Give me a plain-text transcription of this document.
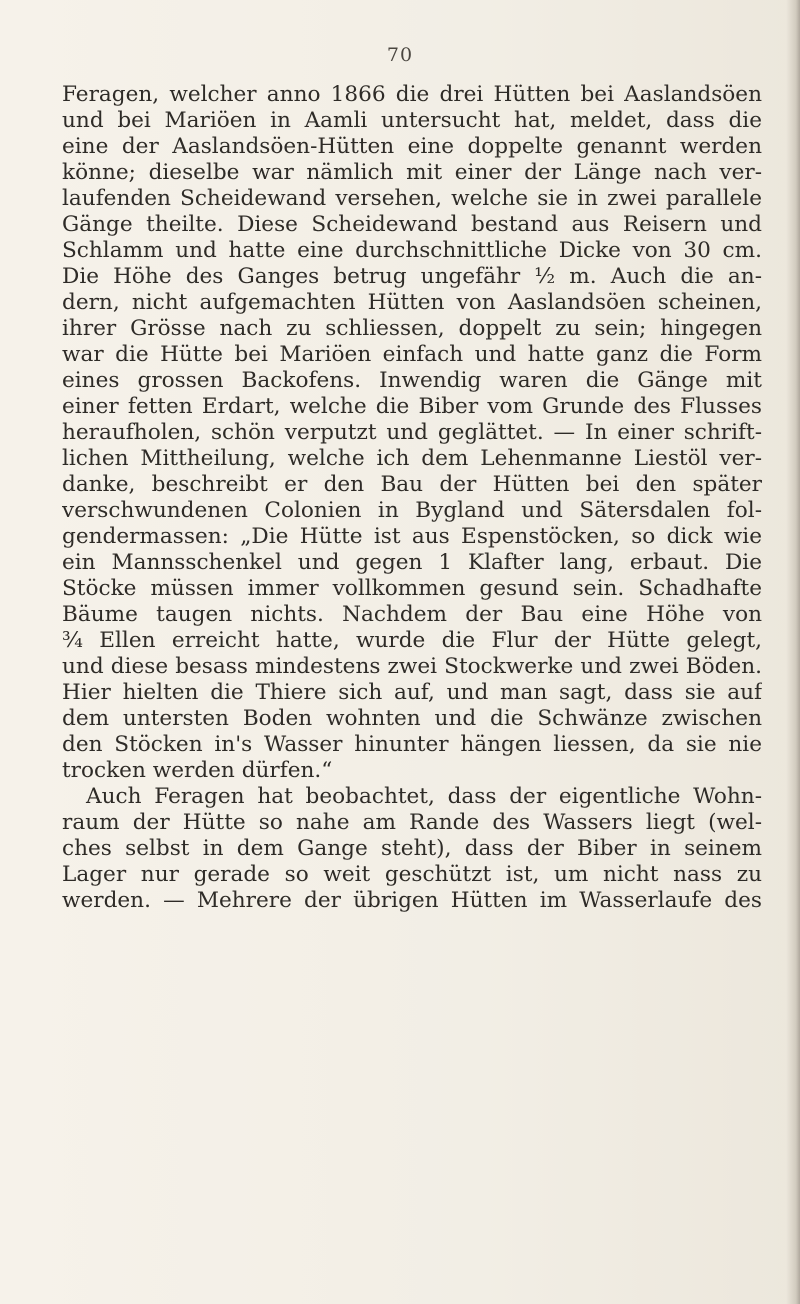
70
Feragen, welcher anno 1866 die drei Hütten bei Aaslandsöen
und bei Mariöen in Aamli untersucht hat, meldet, dass die
eine der Aaslandsöen-Hütten eine doppelte genannt werden
könne; dieselbe war nämlich mit einer der Länge nach ver-
laufenden Scheidewand versehen, welche sie in zwei parallele
Gänge theilte. Diese Scheidewand bestand aus Reisern und
Schlamm und hatte eine durchschnittliche Dicke von 30 cm.
Die Höhe des Ganges betrug ungefähr ½ m. Auch die an-
dern, nicht aufgemachten Hütten von Aaslandsöen scheinen,
ihrer Grösse nach zu schliessen, doppelt zu sein; hingegen
war die Hütte bei Mariöen einfach und hatte ganz die Form
eines grossen Backofens. Inwendig waren die Gänge mit
einer fetten Erdart, welche die Biber vom Grunde des Flusses
heraufholen, schön verputzt und geglättet. — In einer schrift-
lichen Mittheilung, welche ich dem Lehenmanne Liestöl ver-
danke, beschreibt er den Bau der Hütten bei den später
verschwundenen Colonien in Bygland und Sätersdalen fol-
gendermassen: „Die Hütte ist aus Espenstöcken, so dick wie
ein Mannsschenkel und gegen 1 Klafter lang, erbaut. Die
Stöcke müssen immer vollkommen gesund sein. Schadhafte
Bäume taugen nichts. Nachdem der Bau eine Höhe von
¾ Ellen erreicht hatte, wurde die Flur der Hütte gelegt,
und diese besass mindestens zwei Stockwerke und zwei Böden.
Hier hielten die Thiere sich auf, und man sagt, dass sie auf
dem untersten Boden wohnten und die Schwänze zwischen
den Stöcken in's Wasser hinunter hängen liessen, da sie nie
trocken werden dürfen.“
Auch Feragen hat beobachtet, dass der eigentliche Wohn-
raum der Hütte so nahe am Rande des Wassers liegt (wel-
ches selbst in dem Gange steht), dass der Biber in seinem
Lager nur gerade so weit geschützt ist, um nicht nass zu
werden. — Mehrere der übrigen Hütten im Wasserlaufe des
